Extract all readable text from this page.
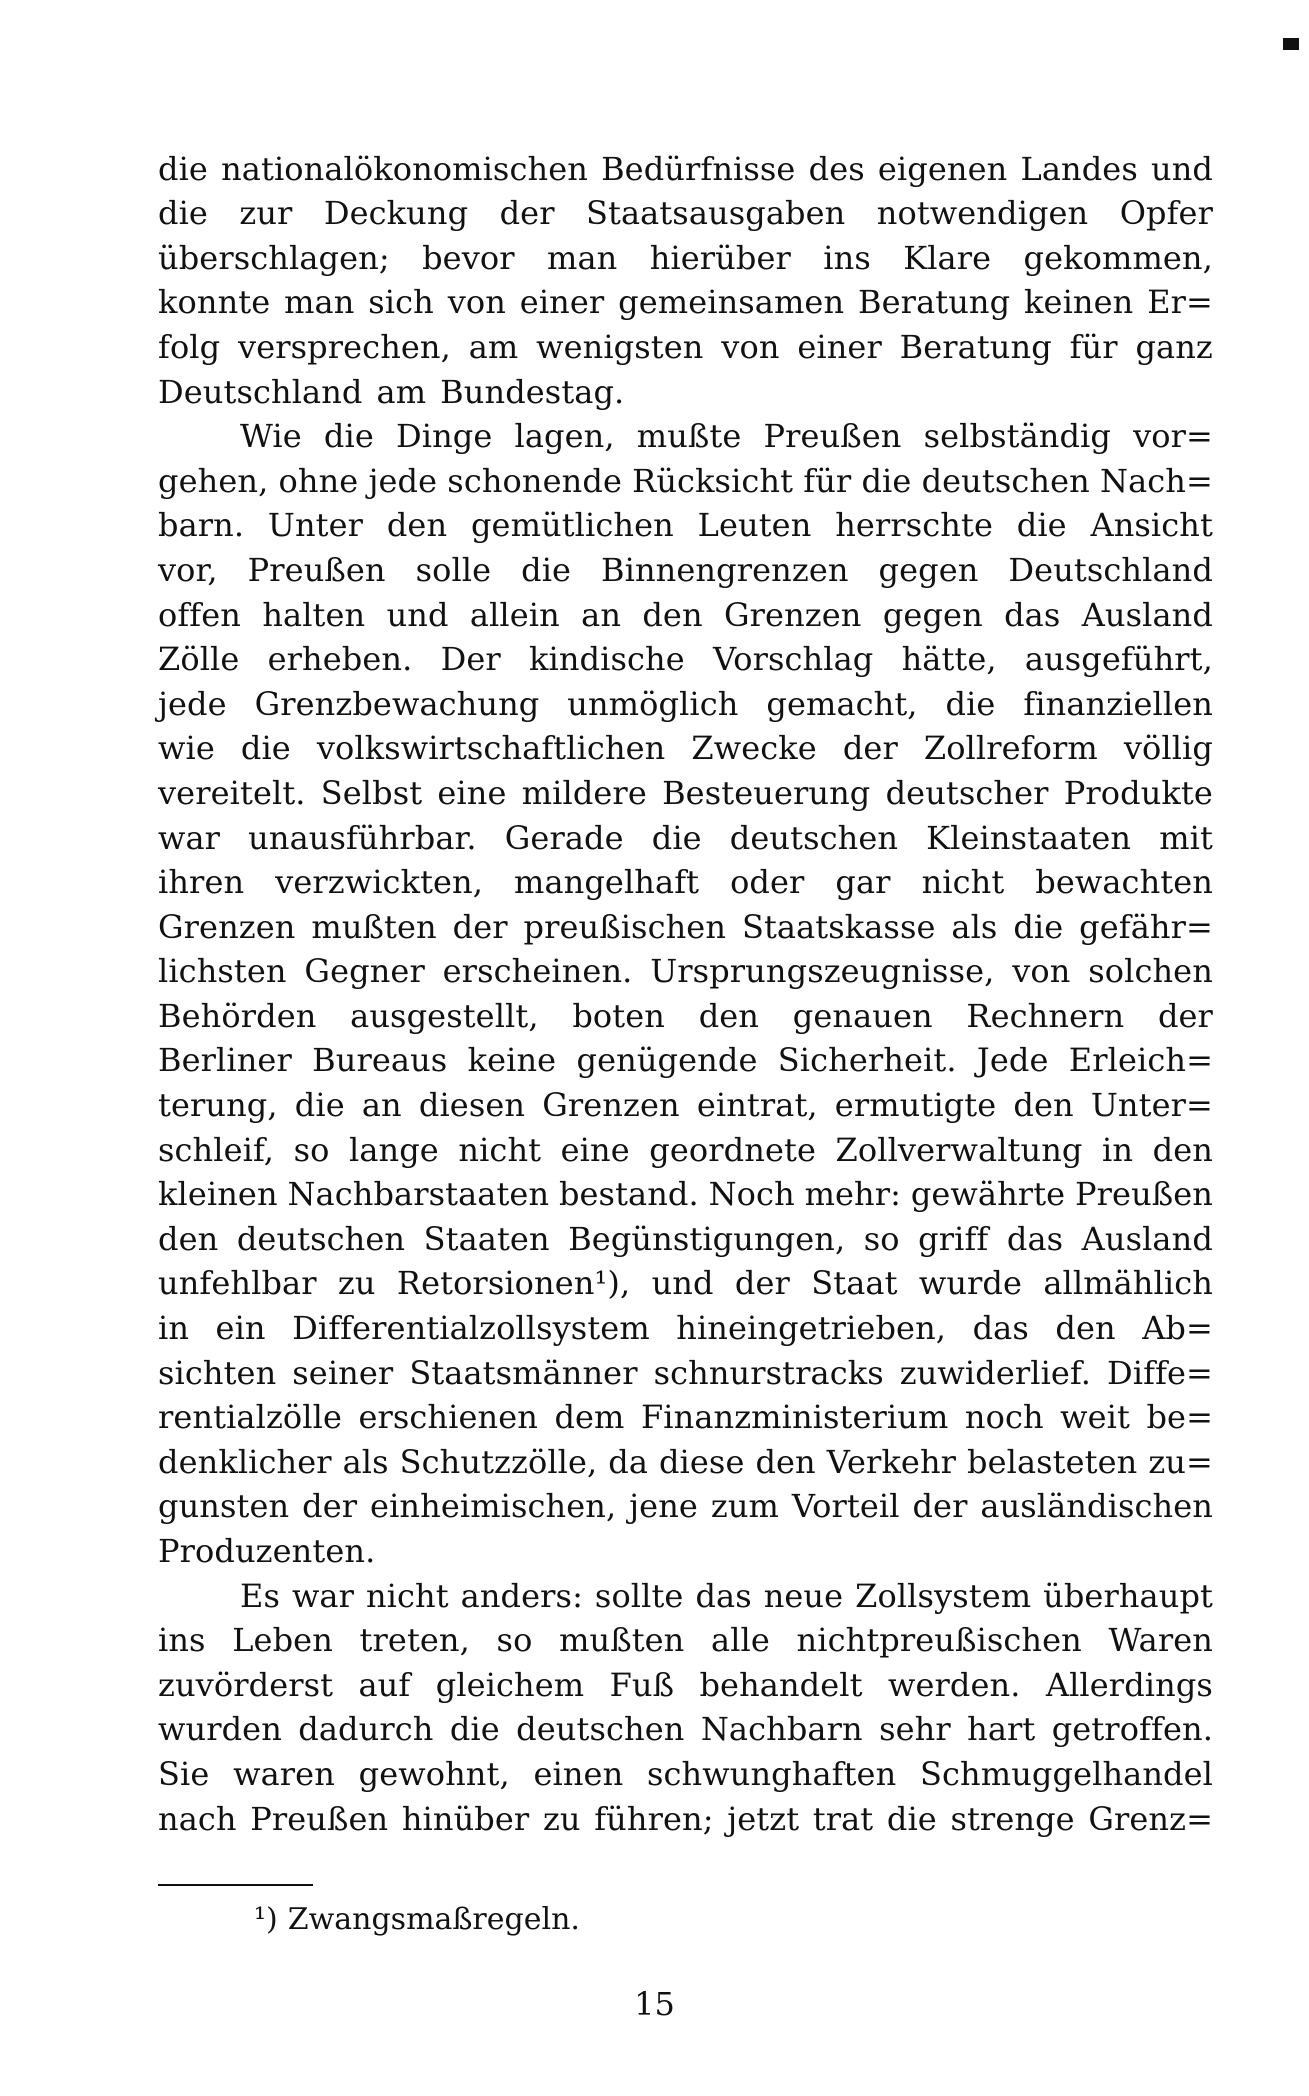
die nationalökonomischen Bedürfnisse des eigenen Landes und
die zur Deckung der Staatsausgaben notwendigen Opfer
überschlagen; bevor man hierüber ins Klare gekommen,
konnte man sich von einer gemeinsamen Beratung keinen Er=
folg versprechen, am wenigsten von einer Beratung für ganz
Deutschland am Bundestag.
Wie die Dinge lagen, mußte Preußen selbständig vor=
gehen, ohne jede schonende Rücksicht für die deutschen Nach=
barn. Unter den gemütlichen Leuten herrschte die Ansicht
vor, Preußen solle die Binnengrenzen gegen Deutschland
offen halten und allein an den Grenzen gegen das Ausland
Zölle erheben. Der kindische Vorschlag hätte, ausgeführt,
jede Grenzbewachung unmöglich gemacht, die finanziellen
wie die volkswirtschaftlichen Zwecke der Zollreform völlig
vereitelt. Selbst eine mildere Besteuerung deutscher Produkte
war unausführbar. Gerade die deutschen Kleinstaaten mit
ihren verzwickten, mangelhaft oder gar nicht bewachten
Grenzen mußten der preußischen Staatskasse als die gefähr=
lichsten Gegner erscheinen. Ursprungszeugnisse, von solchen
Behörden ausgestellt, boten den genauen Rechnern der
Berliner Bureaus keine genügende Sicherheit. Jede Erleich=
terung, die an diesen Grenzen eintrat, ermutigte den Unter=
schleif, so lange nicht eine geordnete Zollverwaltung in den
kleinen Nachbarstaaten bestand. Noch mehr: gewährte Preußen
den deutschen Staaten Begünstigungen, so griff das Ausland
unfehlbar zu Retorsionen¹), und der Staat wurde allmählich
in ein Differentialzollsystem hineingetrieben, das den Ab=
sichten seiner Staatsmänner schnurstracks zuwiderlief. Diffe=
rentialzölle erschienen dem Finanzministerium noch weit be=
denklicher als Schutzzölle, da diese den Verkehr belasteten zu=
gunsten der einheimischen, jene zum Vorteil der ausländischen
Produzenten.
Es war nicht anders: sollte das neue Zollsystem überhaupt
ins Leben treten, so mußten alle nichtpreußischen Waren
zuvörderst auf gleichem Fuß behandelt werden. Allerdings
wurden dadurch die deutschen Nachbarn sehr hart getroffen.
Sie waren gewohnt, einen schwunghaften Schmuggelhandel
nach Preußen hinüber zu führen; jetzt trat die strenge Grenz=
¹) Zwangsmaßregeln.
15
